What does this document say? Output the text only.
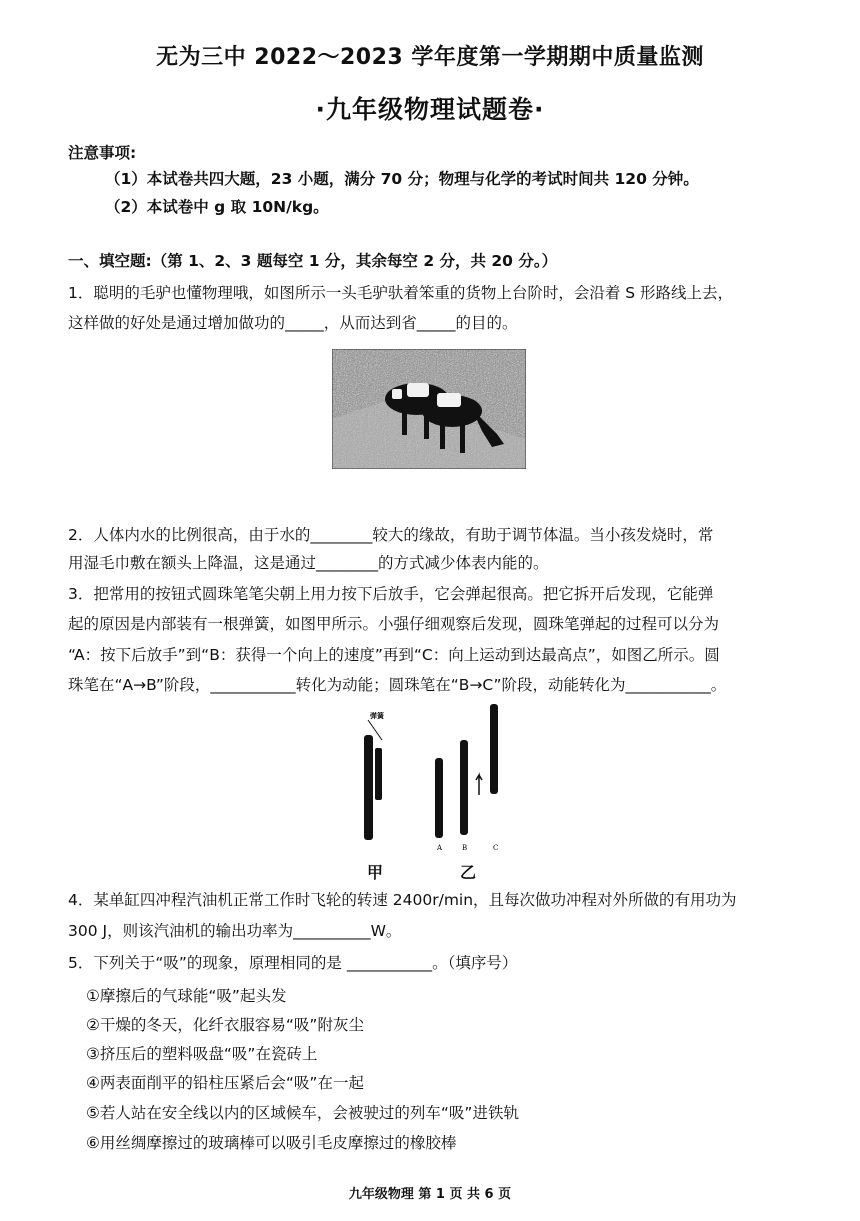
无为三中 2022～2023 学年度第一学期期中质量监测
·九年级物理试题卷·
注意事项:
（1）本试卷共四大题，23 小题，满分 70 分；物理与化学的考试时间共 120 分钟。
（2）本试卷中 g 取 10N/kg。
一、填空题:（第 1、2、3 题每空 1 分，其余每空 2 分，共 20 分。）
1．聪明的毛驴也懂物理哦，如图所示一头毛驴驮着笨重的货物上台阶时，会沿着 S 形路线上去，
这样做的好处是通过增加做功的_____，从而达到省_____的目的。
2．人体内水的比例很高，由于水的________较大的缘故，有助于调节体温。当小孩发烧时，常
用湿毛巾敷在额头上降温，这是通过________的方式减少体表内能的。
3．把常用的按钮式圆珠笔笔尖朝上用力按下后放手，它会弹起很高。把它拆开后发现，它能弹
起的原因是内部装有一根弹簧，如图甲所示。小强仔细观察后发现，圆珠笔弹起的过程可以分为
“A：按下后放手”到“B：获得一个向上的速度”再到“C：向上运动到达最高点”，如图乙所示。圆
珠笔在“A→B”阶段，___________转化为动能；圆珠笔在“B→C”阶段，动能转化为___________。
弹簧
A	B	C
甲	乙
4．某单缸四冲程汽油机正常工作时飞轮的转速 2400r/min，且每次做功冲程对外所做的有用功为
300 J，则该汽油机的输出功率为__________W。
5．下列关于“吸”的现象，原理相同的是 ___________。（填序号）
①摩擦后的气球能“吸”起头发
②干燥的冬天，化纤衣服容易“吸”附灰尘
③挤压后的塑料吸盘“吸”在瓷砖上
④两表面削平的铅柱压紧后会“吸”在一起
⑤若人站在安全线以内的区域候车，会被驶过的列车“吸”进铁轨
⑥用丝绸摩擦过的玻璃棒可以吸引毛皮摩擦过的橡胶棒
九年级物理 第 1 页 共 6 页
